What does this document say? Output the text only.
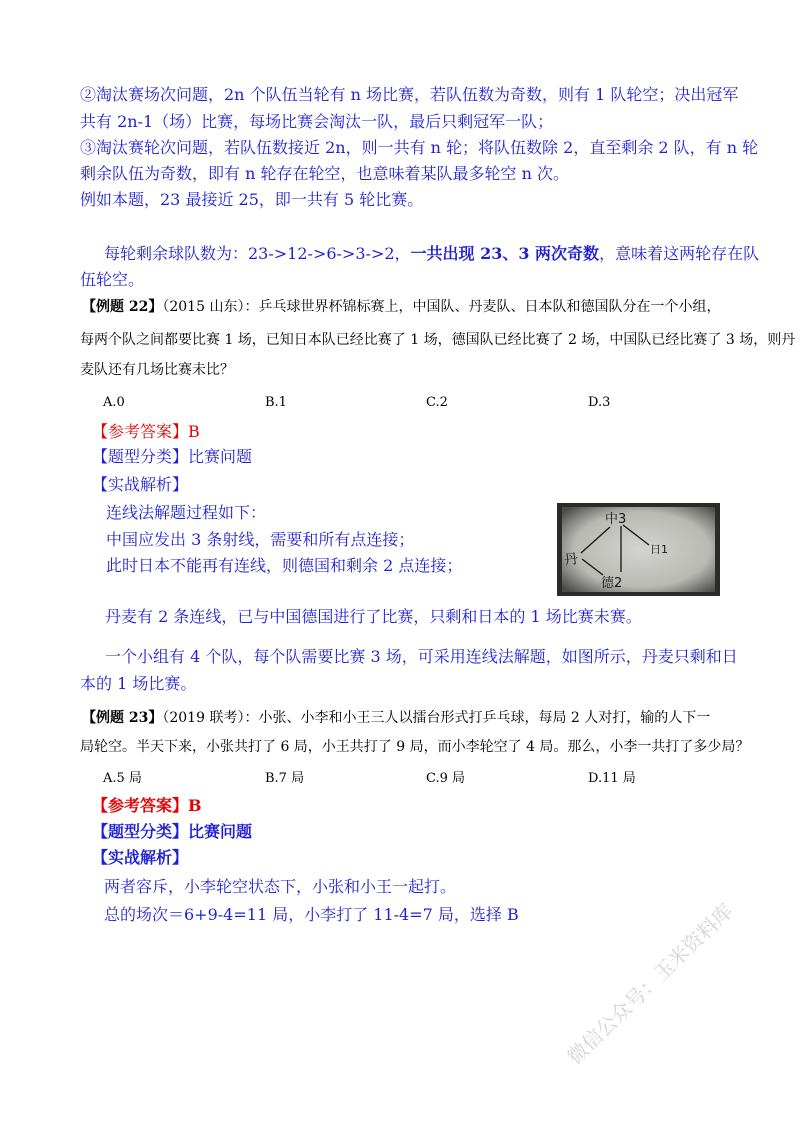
②淘汰赛场次问题，2n 个队伍当轮有 n 场比赛，若队伍数为奇数，则有 1 队轮空；决出冠军
共有 2n-1（场）比赛，每场比赛会淘汰一队，最后只剩冠军一队；
③淘汰赛轮次问题，若队伍数接近 2n，则一共有 n 轮；将队伍数除 2，直至剩余 2 队，有 n 轮
剩余队伍为奇数，即有 n 轮存在轮空，也意味着某队最多轮空 n 次。
例如本题，23 最接近 25，即一共有 5 轮比赛。
每轮剩余球队数为：23->12->6->3->2，一共出现 23、3 两次奇数，意味着这两轮存在队
伍轮空。
【例题 22】（2015 山东）：乒乓球世界杯锦标赛上，中国队、丹麦队、日本队和德国队分在一个小组，
每两个队之间都要比赛 1 场，已知日本队已经比赛了 1 场，德国队已经比赛了 2 场，中国队已经比赛了 3 场，则丹
麦队还有几场比赛未比？
A.0	B.1	C.2	D.3
【参考答案】B
【题型分类】比赛问题
【实战解析】
连线法解题过程如下：
中国应发出 3 条射线，需要和所有点连接；
此时日本不能再有连线，则德国和剩余 2 点连接；
中3
日1
丹
德2
丹麦有 2 条连线，已与中国德国进行了比赛，只剩和日本的 1 场比赛未赛。
一个小组有 4 个队，每个队需要比赛 3 场，可采用连线法解题，如图所示，丹麦只剩和日
本的 1 场比赛。
【例题 23】（2019 联考）：小张、小李和小王三人以擂台形式打乒乓球，每局 2 人对打，输的人下一
局轮空。半天下来，小张共打了 6 局，小王共打了 9 局，而小李轮空了 4 局。那么，小李一共打了多少局？
A.5 局	B.7 局	C.9 局	D.11 局
【参考答案】B
【题型分类】比赛问题
【实战解析】
两者容斥，小李轮空状态下，小张和小王一起打。
总的场次＝6+9-4=11 局，小李打了 11-4=7 局，选择 B 微信公众号：玉米资料库
